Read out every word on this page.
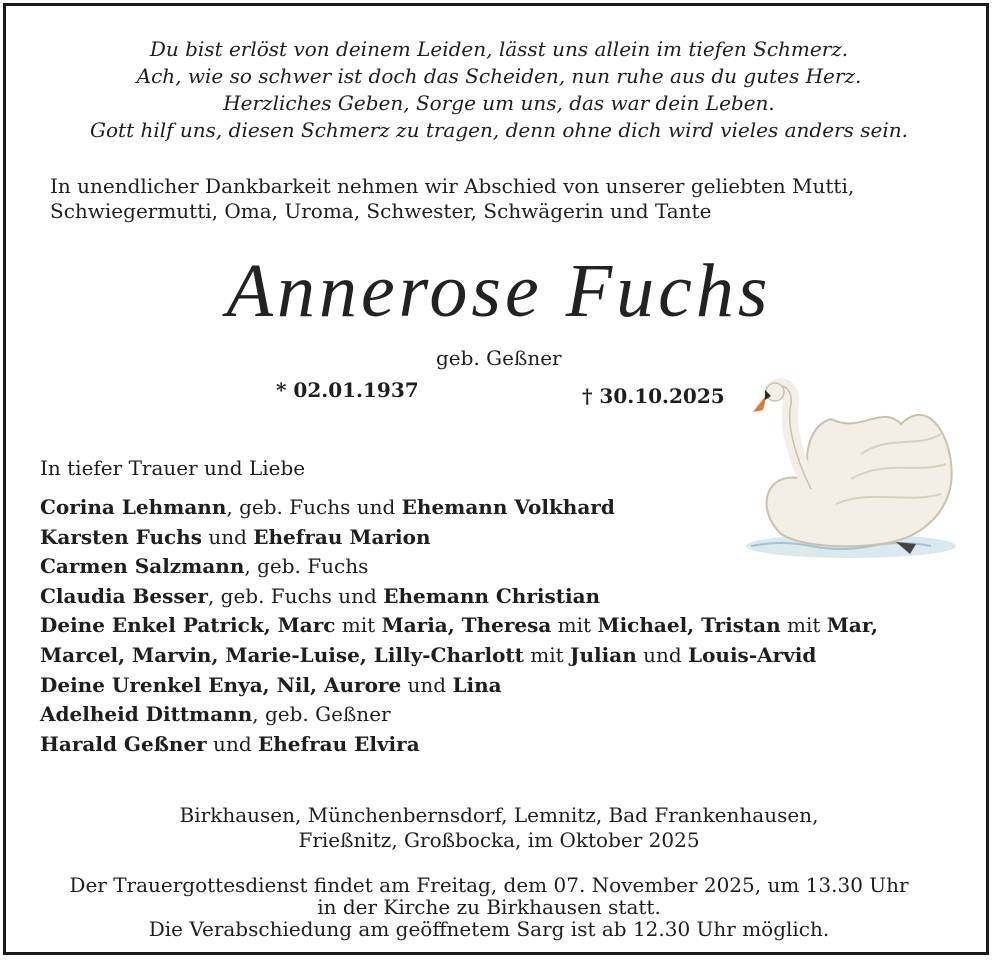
Du bist erlöst von deinem Leiden, lässt uns allein im tiefen Schmerz.
Ach, wie so schwer ist doch das Scheiden, nun ruhe aus du gutes Herz.
Herzliches Geben, Sorge um uns, das war dein Leben.
Gott hilf uns, diesen Schmerz zu tragen, denn ohne dich wird vieles anders sein.
In unendlicher Dankbarkeit nehmen wir Abschied von unserer geliebten Mutti,
Schwiegermutti, Oma, Uroma, Schwester, Schwägerin und Tante
Annerose Fuchs
geb. Geßner
* 02.01.1937	† 30.10.2025
In tiefer Trauer und Liebe
Corina Lehmann, geb. Fuchs und Ehemann Volkhard
Karsten Fuchs und Ehefrau Marion
Carmen Salzmann, geb. Fuchs
Claudia Besser, geb. Fuchs und Ehemann Christian
Deine Enkel Patrick, Marc mit Maria, Theresa mit Michael, Tristan mit Mar,
Marcel, Marvin, Marie-Luise, Lilly-Charlott mit Julian und Louis-Arvid
Deine Urenkel Enya, Nil, Aurore und Lina
Adelheid Dittmann, geb. Geßner
Harald Geßner und Ehefrau Elvira
Birkhausen, Münchenbernsdorf, Lemnitz, Bad Frankenhausen,
Frießnitz, Großbocka, im Oktober 2025
Der Trauergottesdienst findet am Freitag, dem 07. November 2025, um 13.30 Uhr
in der Kirche zu Birkhausen statt.
Die Verabschiedung am geöffnetem Sarg ist ab 12.30 Uhr möglich.
